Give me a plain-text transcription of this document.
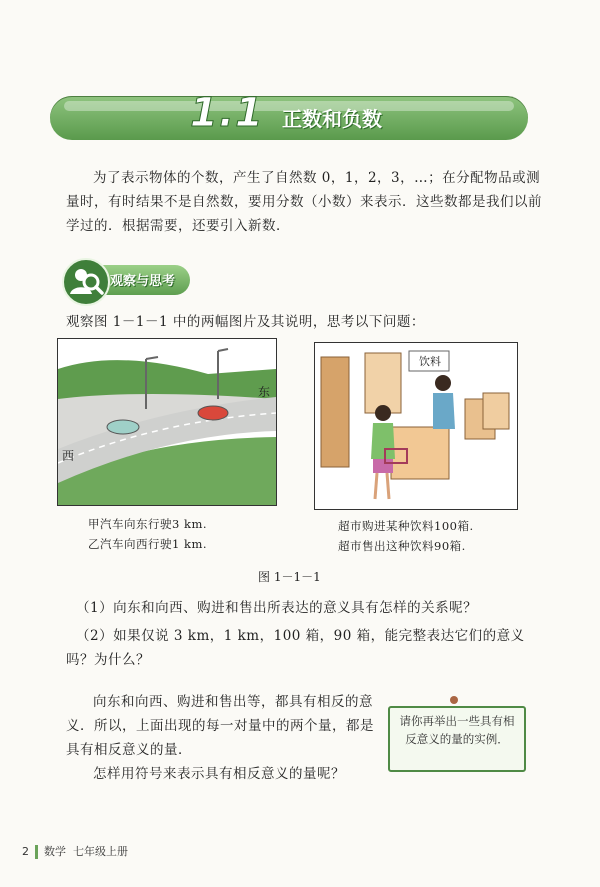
1.1 正数和负数

为了表示物体的个数，产生了自然数 0，1，2，3，…；在分配物品或测量时，有时结果不是自然数，要用分数（小数）来表示．这些数都是我们以前学过的．根据需要，还要引入新数．

观察与思考

观察图 1－1－1 中的两幅图片及其说明，思考以下问题：

东
西
甲汽车向东行驶3 km.
乙汽车向西行驶1 km.
饮料
超市购进某种饮料100箱.
超市售出这种饮料90箱.
图 1－1－1

（1）向东和向西、购进和售出所表达的意义具有怎样的关系呢？

（2）如果仅说 3 km，1 km，100 箱，90 箱，能完整表达它们的意义吗？为什么？

向东和向西、购进和售出等，都具有相反的意义．所以，上面出现的每一对量中的两个量，都是具有相反意义的量．

怎样用符号来表示具有相反意义的量呢？

请你再举出一些具有相反意义的量的实例．
2 数学 七年级上册
